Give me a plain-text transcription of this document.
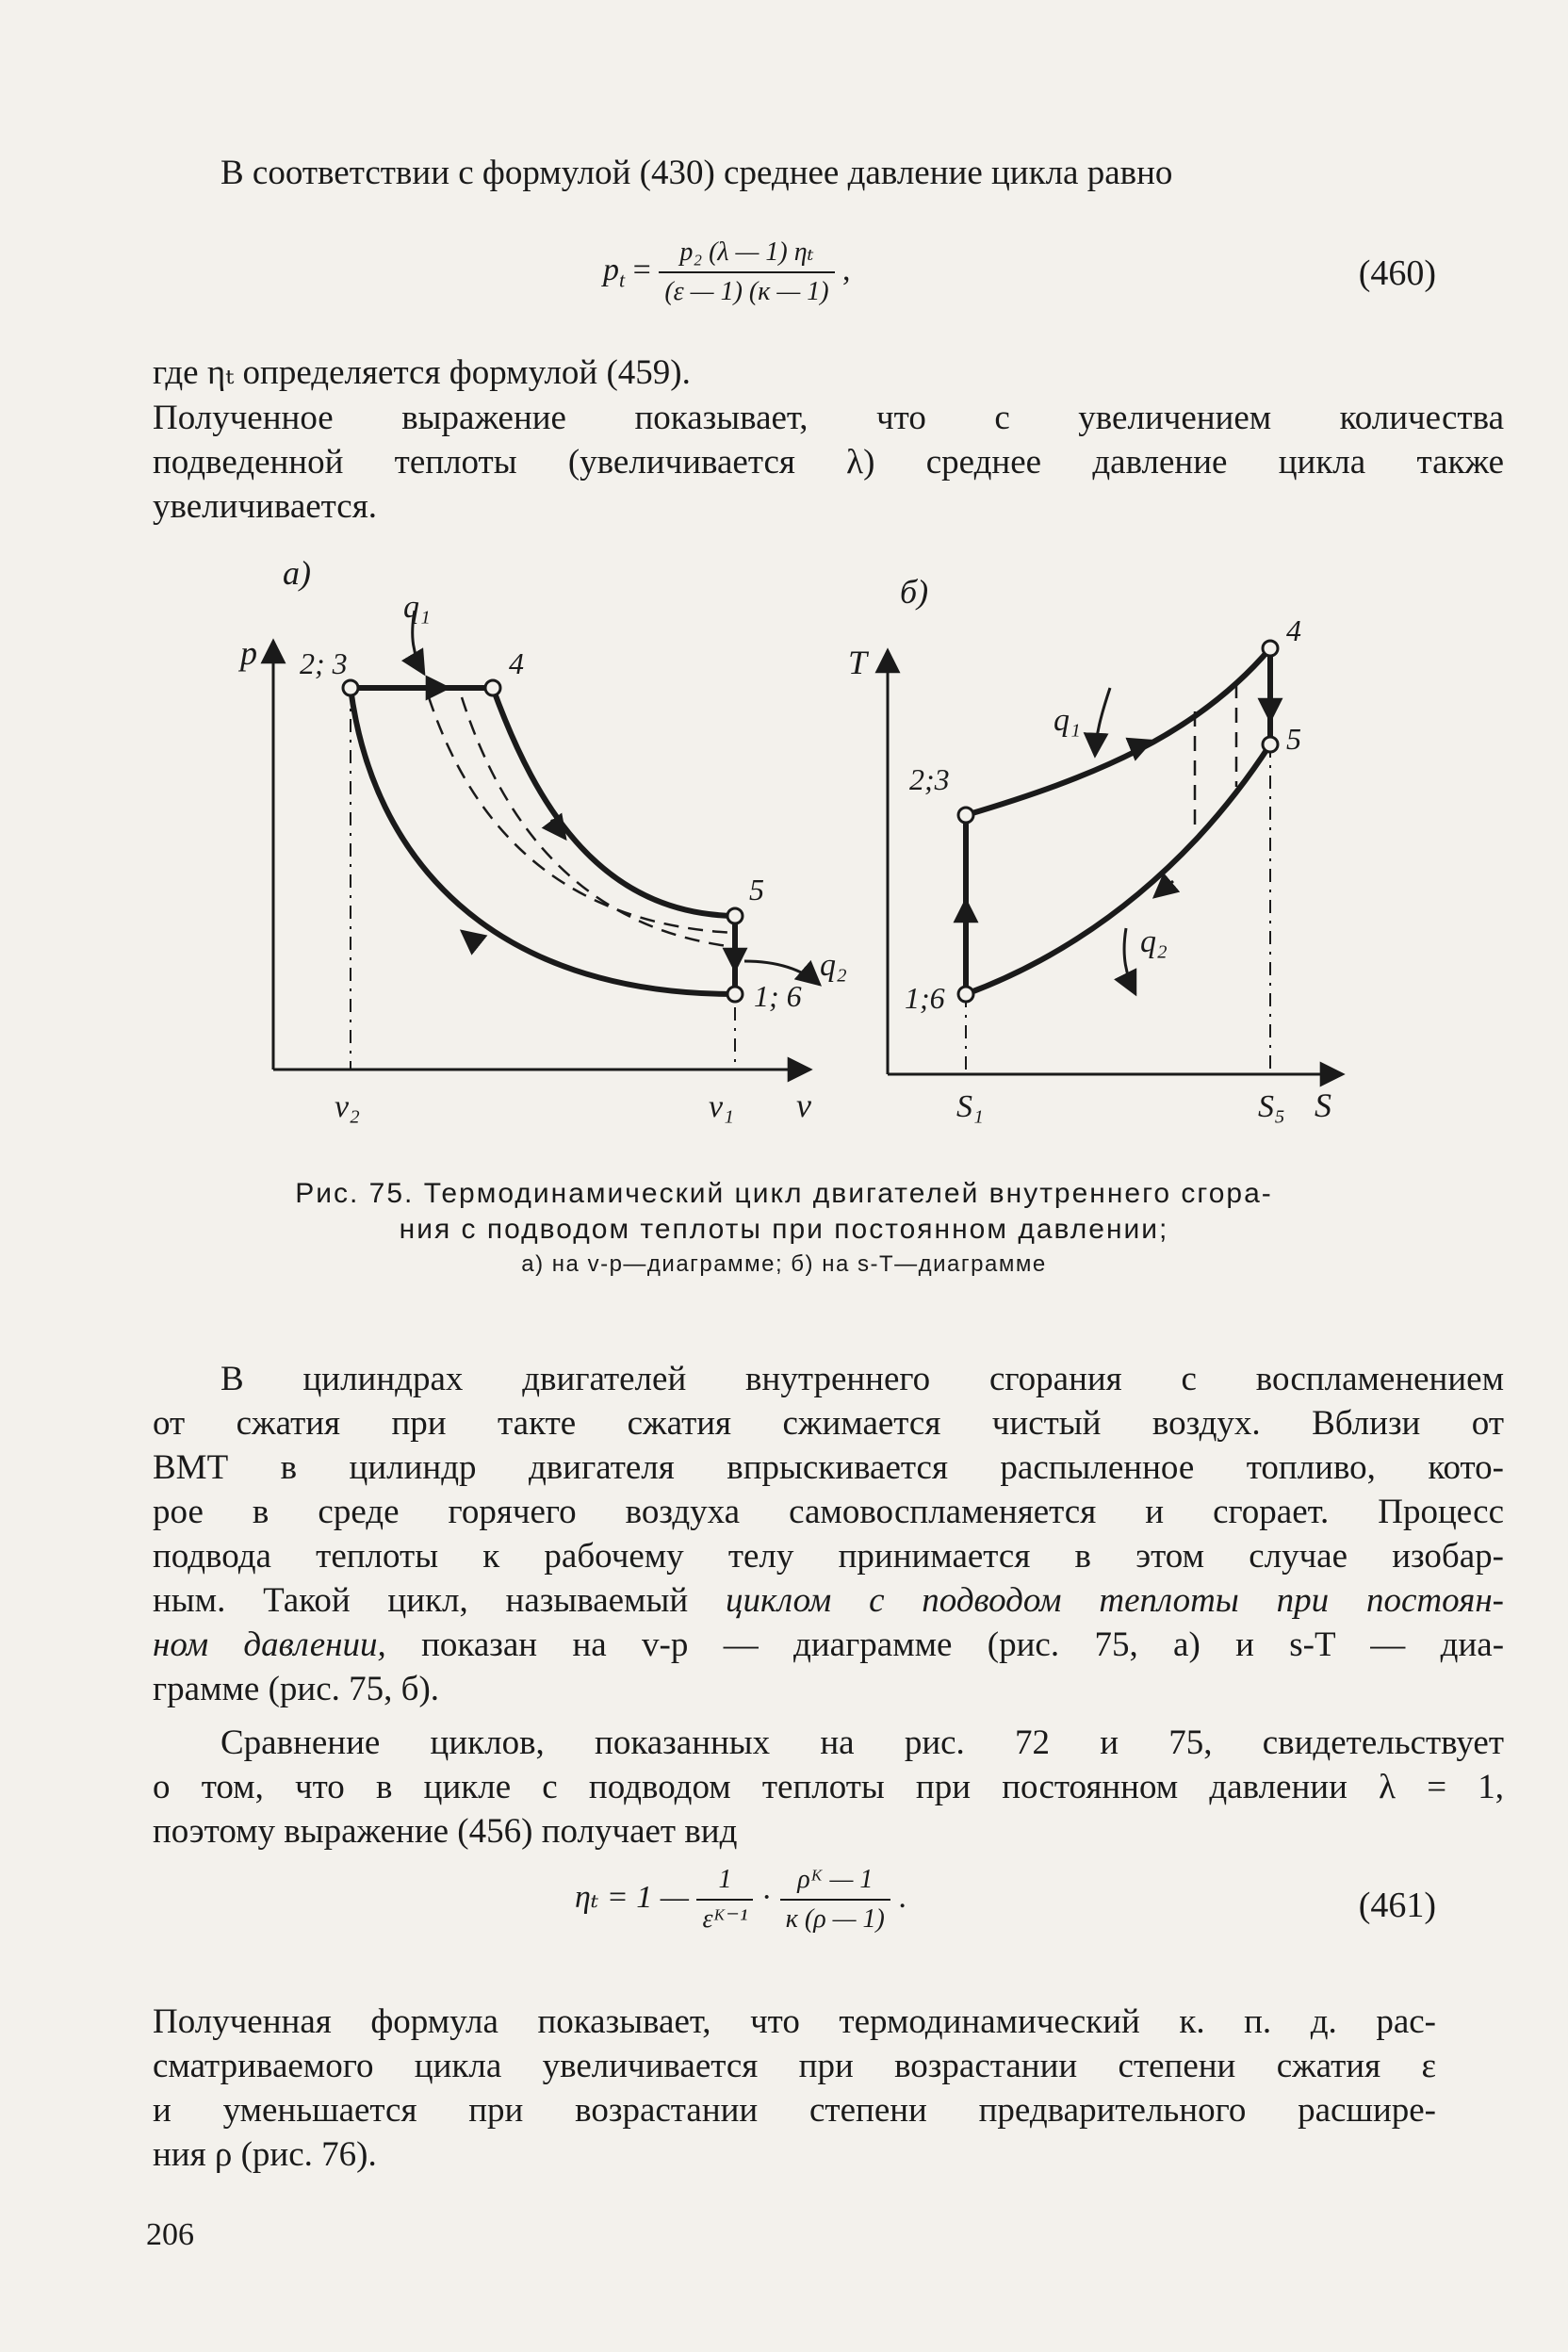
В соответствии с формулой (430) среднее давление цикла равно

$p_t = \frac{\text{p₂ (λ — 1) ηₜ}}{(\varepsilon — 1) (к — 1)}$ ,	(460)

где ηₜ определяется формулой (459).

Полученное выражение показывает, что с увеличением количества
подведенной теплоты (увеличивается λ) среднее давление цикла также
увеличивается.

а)
p
v
v₂	v₁
q₁
q₂
2; 3	4
5
1; 6
б)
T
S
S₁	S₅
q₁
q₂
2;3
4
5
1;6
Рис. 75. Термодинамический цикл двигателей внутреннего сгора-
ния с подводом теплоты при постоянном давлении;
а) на v-p—диаграмме; б) на s-T—диаграмме

В цилиндрах двигателей внутреннего сгорания с воспламенением
от сжатия при такте сжатия сжимается чистый воздух. Вблизи от
ВМТ в цилиндр двигателя впрыскивается распыленное топливо, кото-
рое в среде горячего воздуха самовоспламеняется и сгорает. Процесс
подвода теплоты к рабочему телу принимается в этом случае изобар-
ным. Такой цикл, называемый циклом с подводом теплоты при постоян-
ном давлении, показан на v-p — диаграмме (рис. 75, а) и s-T — диа-
грамме (рис. 75, б).

Сравнение циклов, показанных на рис. 72 и 75, свидетельствует
о том, что в цикле с подводом теплоты при постоянном давлении λ = 1,
поэтому выражение (456) получает вид

ηₜ = 1 — $\frac{1}{\text{εᴷ⁻¹}} \cdot \frac{\text{ρᴷ — 1}}{к (\rho — 1)}$ .	(461)

Полученная формула показывает, что термодинамический к. п. д. рас-
сматриваемого цикла увеличивается при возрастании степени сжатия ε
и уменьшается при возрастании степени предварительного расшире-
ния ρ (рис. 76).

206
